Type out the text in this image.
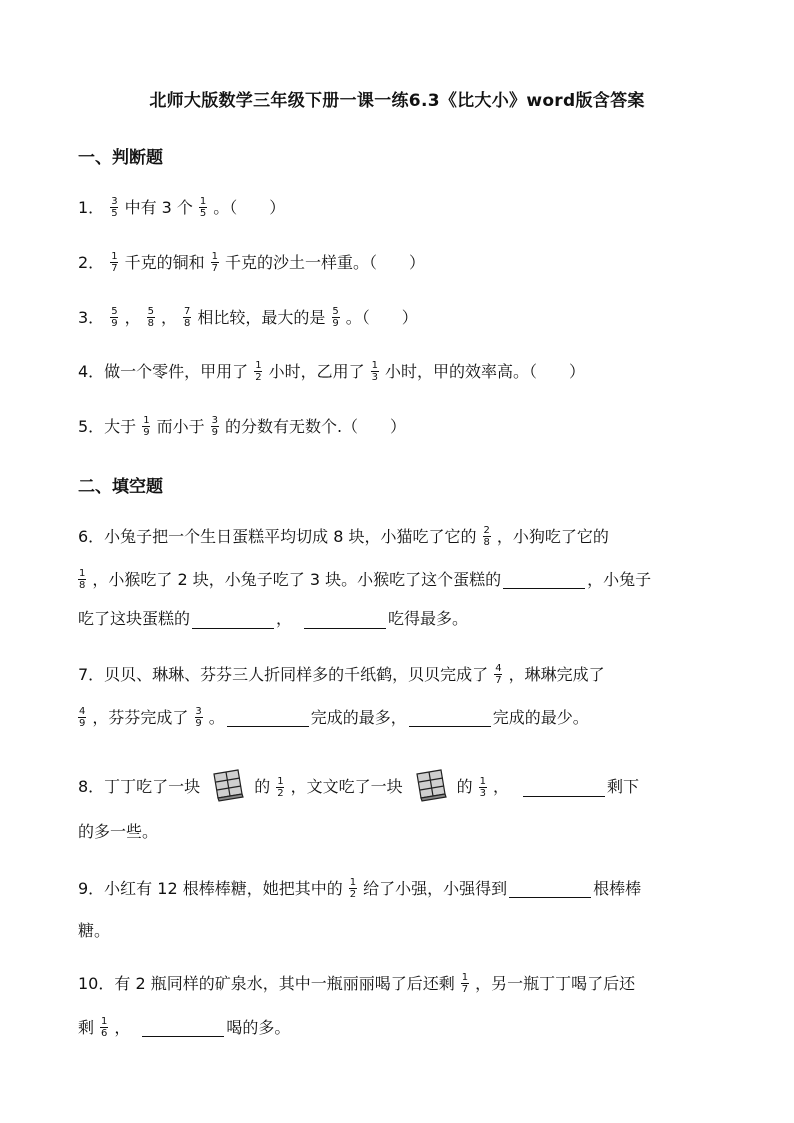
北师大版数学三年级下册一课一练6.3《比大小》word版含答案
一、判断题
1． $\frac{3}{5}$ 中有 3 个 $\frac{1}{5}$ 。（　　）
2． $\frac{1}{7}$ 千克的铜和 $\frac{1}{7}$ 千克的沙土一样重。（　　）
3． $\frac{5}{9}$ ， $\frac{5}{8}$ ， $\frac{7}{8}$ 相比较，最大的是 $\frac{5}{9}$ 。（　　）
4．做一个零件，甲用了 $\frac{1}{2}$ 小时，乙用了 $\frac{1}{3}$ 小时，甲的效率高。（　　）
5．大于 $\frac{1}{9}$ 而小于 $\frac{3}{9}$ 的分数有无数个.（　　）
二、填空题
6．小兔子把一个生日蛋糕平均切成 8 块，小猫吃了它的 $\frac{2}{8}$ ，小狗吃了它的
$\frac{1}{8}$ ，小猴吃了 2 块，小兔子吃了 3 块。小猴吃了这个蛋糕的	，小兔子
吃了这块蛋糕的	，	吃得最多。
7．贝贝、琳琳、芬芬三人折同样多的千纸鹤，贝贝完成了 $\frac{4}{7}$ ，琳琳完成了
$\frac{4}{9}$ ，芬芬完成了 $\frac{3}{9}$ 。	完成的最多，	完成的最少。
8．丁丁吃了一块	的 $\frac{1}{2}$ ，文文吃了一块	的 $\frac{1}{3}$ ，	剩下
的多一些。
9．小红有 12 根棒棒糖，她把其中的 $\frac{1}{2}$ 给了小强，小强得到	根棒棒
糖。
10．有 2 瓶同样的矿泉水，其中一瓶丽丽喝了后还剩 $\frac{1}{7}$ ，另一瓶丁丁喝了后还
剩 $\frac{1}{6}$ ，	喝的多。
